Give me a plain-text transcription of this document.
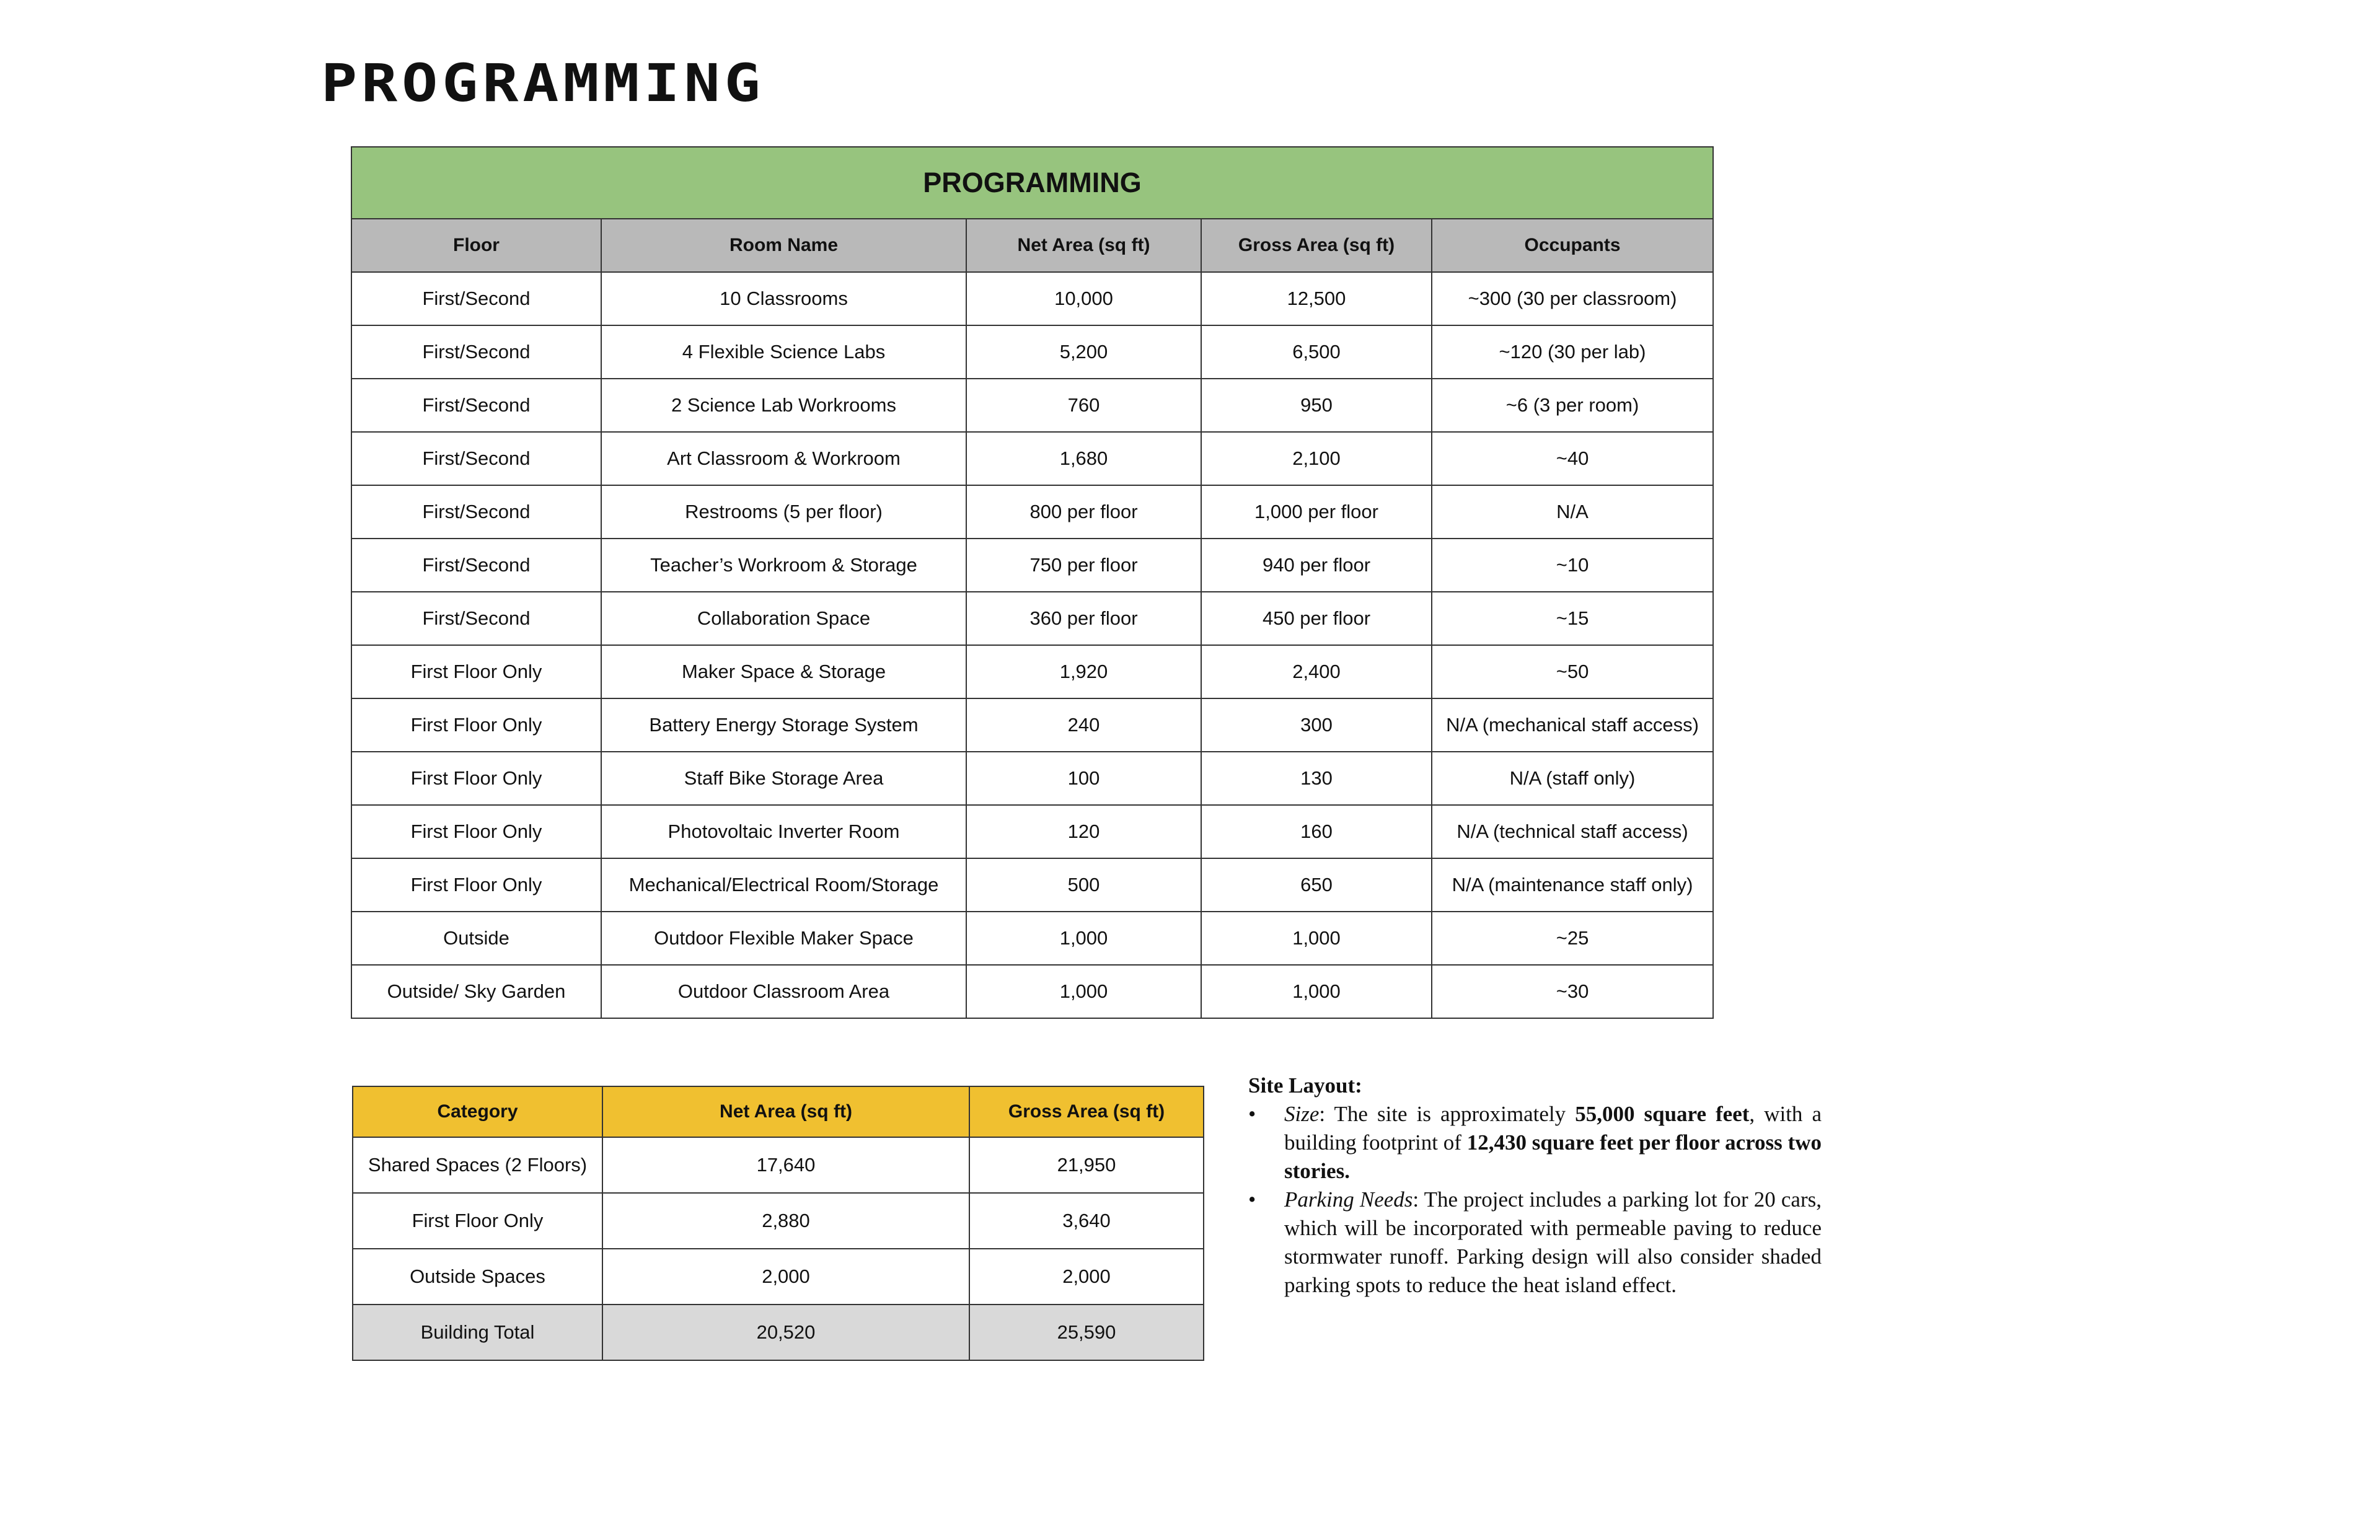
PROGRAMMING
PROGRAMMING				
Floor	Room Name	Net Area (sq ft)	Gross Area (sq ft)	Occupants
First/Second	10 Classrooms	10,000	12,500	~300 (30 per classroom)
First/Second	4 Flexible Science Labs	5,200	6,500	~120 (30 per lab)
First/Second	2 Science Lab Workrooms	760	950	~6 (3 per room)
First/Second	Art Classroom & Workroom	1,680	2,100	~40
First/Second	Restrooms (5 per floor)	800 per floor	1,000 per floor	N/A
First/Second	Teacher’s Workroom & Storage	750 per floor	940 per floor	~10
First/Second	Collaboration Space	360 per floor	450 per floor	~15
First Floor Only	Maker Space & Storage	1,920	2,400	~50
First Floor Only	Battery Energy Storage System	240	300	N/A (mechanical staff access)
First Floor Only	Staff Bike Storage Area	100	130	N/A (staff only)
First Floor Only	Photovoltaic Inverter Room	120	160	N/A (technical staff access)
First Floor Only	Mechanical/Electrical Room/Storage	500	650	N/A (maintenance staff only)
Outside	Outdoor Flexible Maker Space	1,000	1,000	~25
Outside/ Sky Garden	Outdoor Classroom Area	1,000	1,000	~30
Category	Net Area (sq ft)	Gross Area (sq ft)
Shared Spaces (2 Floors)	17,640	21,950
First Floor Only	2,880	3,640
Outside Spaces	2,000	2,000
Building Total	20,520	25,590

Site Layout:

• Size: The site is approximately 55,000 square feet, with a building footprint of 12,430 square feet per floor across two stories.
• Parking Needs: The project includes a parking lot for 20 cars, which will be incorporated with permeable paving to reduce stormwater runoff. Parking design will also consider shaded parking spots to reduce the heat island effect.
